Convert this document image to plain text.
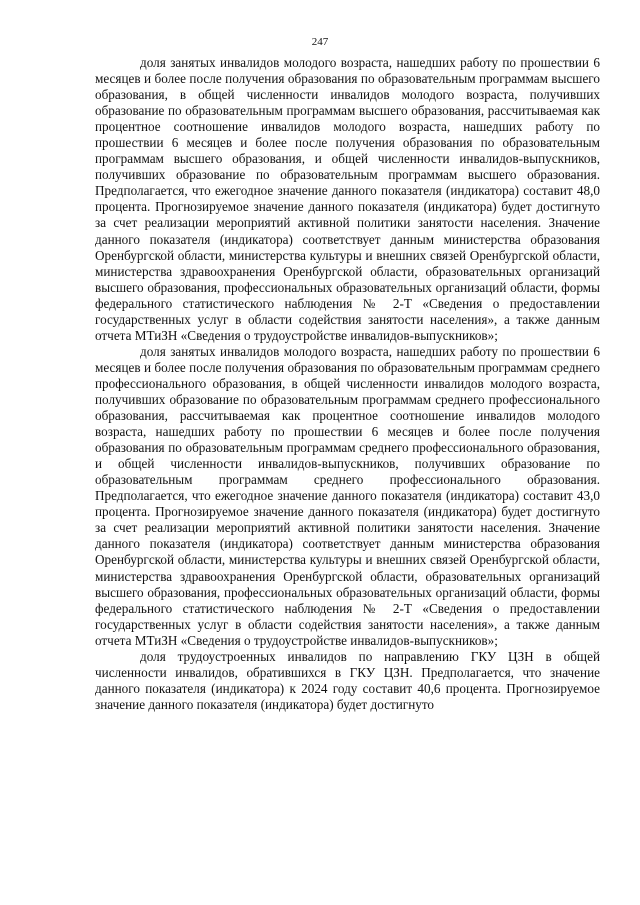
247

доля занятых инвалидов молодого возраста, нашедших работу по прошествии 6 месяцев и более после получения образования по образовательным программам высшего образования, в общей численности инвалидов молодого возраста, получивших образование по образовательным программам высшего образования, рассчитываемая как процентное соотношение инвалидов молодого возраста, нашедших работу по прошествии 6 месяцев и более после получения образования по образовательным программам высшего образования, и общей численности инвалидов-выпускников, получивших образование по образовательным программам высшего образования. Предполагается, что ежегодное значение данного показателя (индикатора) составит 48,0 процента. Прогнозируемое значение данного показателя (индикатора) будет достигнуто за счет реализации мероприятий активной политики занятости населения. Значение данного показателя (индикатора) соответствует данным министерства образования Оренбургской области, министерства культуры и внешних связей Оренбургской области, министерства здравоохранения Оренбургской области, образовательных организаций высшего образования, профессиональных образовательных организаций области, формы федерального статистического наблюдения № 2-Т «Сведения о предоставлении государственных услуг в области содействия занятости населения», а также данным отчета МТиЗН «Сведения о трудоустройстве инвалидов-выпускников»;

доля занятых инвалидов молодого возраста, нашедших работу по прошествии 6 месяцев и более после получения образования по образовательным программам среднего профессионального образования, в общей численности инвалидов молодого возраста, получивших образование по образовательным программам среднего профессионального образования, рассчитываемая как процентное соотношение инвалидов молодого возраста, нашедших работу по прошествии 6 месяцев и более после получения образования по образовательным программам среднего профессионального образования, и общей численности инвалидов-выпускников, получивших образование по образовательным программам среднего профессионального образования. Предполагается, что ежегодное значение данного показателя (индикатора) составит 43,0 процента. Прогнозируемое значение данного показателя (индикатора) будет достигнуто за счет реализации мероприятий активной политики занятости населения. Значение данного показателя (индикатора) соответствует данным министерства образования Оренбургской области, министерства культуры и внешних связей Оренбургской области, министерства здравоохранения Оренбургской области, образовательных организаций высшего образования, профессиональных образовательных организаций области, формы федерального статистического наблюдения № 2-Т «Сведения о предоставлении государственных услуг в области содействия занятости населения», а также данным отчета МТиЗН «Сведения о трудоустройстве инвалидов-выпускников»;

доля трудоустроенных инвалидов по направлению ГКУ ЦЗН в общей численности инвалидов, обратившихся в ГКУ ЦЗН. Предполагается, что значение данного показателя (индикатора) к 2024 году составит 40,6 процента. Прогнозируемое значение данного показателя (индикатора) будет достигнуто
